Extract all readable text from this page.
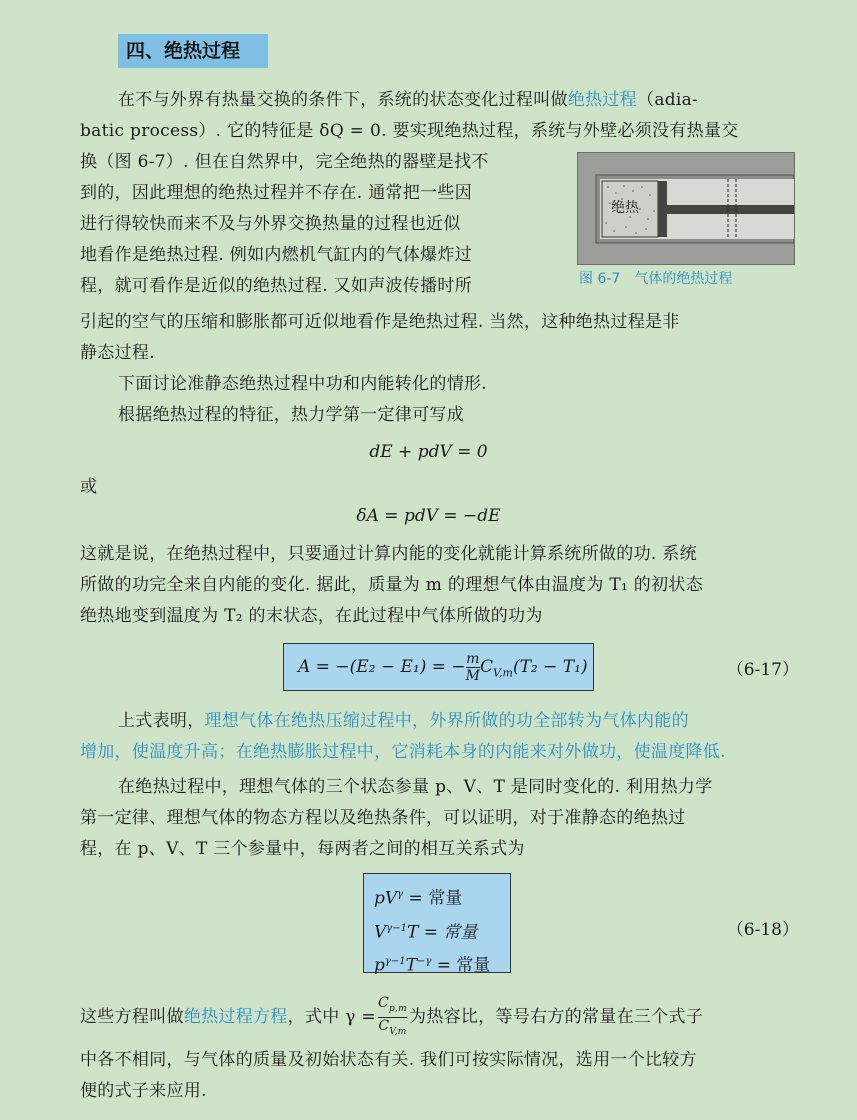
四、绝热过程
在不与外界有热量交换的条件下，系统的状态变化过程叫做绝热过程（adia-
batic process）. 它的特征是 δQ = 0. 要实现绝热过程，系统与外壁必须没有热量交
换（图 6-7）. 但在自然界中，完全绝热的器壁是找不
到的，因此理想的绝热过程并不存在. 通常把一些因
进行得较快而来不及与外界交换热量的过程也近似
地看作是绝热过程. 例如内燃机气缸内的气体爆炸过
程，就可看作是近似的绝热过程. 又如声波传播时所
引起的空气的压缩和膨胀都可近似地看作是绝热过程. 当然，这种绝热过程是非
静态过程.
绝热
图 6-7　气体的绝热过程
下面讨论准静态绝热过程中功和内能转化的情形.
根据绝热过程的特征，热力学第一定律可写成
dE + pdV = 0
或
δA = pdV = −dE
这就是说，在绝热过程中，只要通过计算内能的变化就能计算系统所做的功. 系统
所做的功完全来自内能的变化. 据此，质量为 m 的理想气体由温度为 T₁ 的初状态
绝热地变到温度为 T₂ 的末状态，在此过程中气体所做的功为
A = −(E₂ − E₁) = − $\frac{m}{M} C_{V,m}(T_2 - T_1)$	（6-17）
上式表明，理想气体在绝热压缩过程中，外界所做的功全部转为气体内能的
增加，使温度升高；在绝热膨胀过程中，它消耗本身的内能来对外做功，使温度降低.
在绝热过程中，理想气体的三个状态参量 p、V、T 是同时变化的. 利用热力学
第一定律、理想气体的物态方程以及绝热条件，可以证明，对于准静态的绝热过
程，在 p、V、T 三个参量中，每两者之间的相互关系式为
$pV^\gamma$ = 常量
$V^{\gamma-1}T$ = 常量
$p^{\gamma-1}T^{-\gamma}$ = 常量
（6-18）
这些方程叫做绝热过程方程，式中 $\gamma = \frac{C_{p,m}}{C_{V,m}}$ 为热容比，等号右方的常量在三个式子
中各不相同，与气体的质量及初始状态有关. 我们可按实际情况，选用一个比较方
便的式子来应用.
